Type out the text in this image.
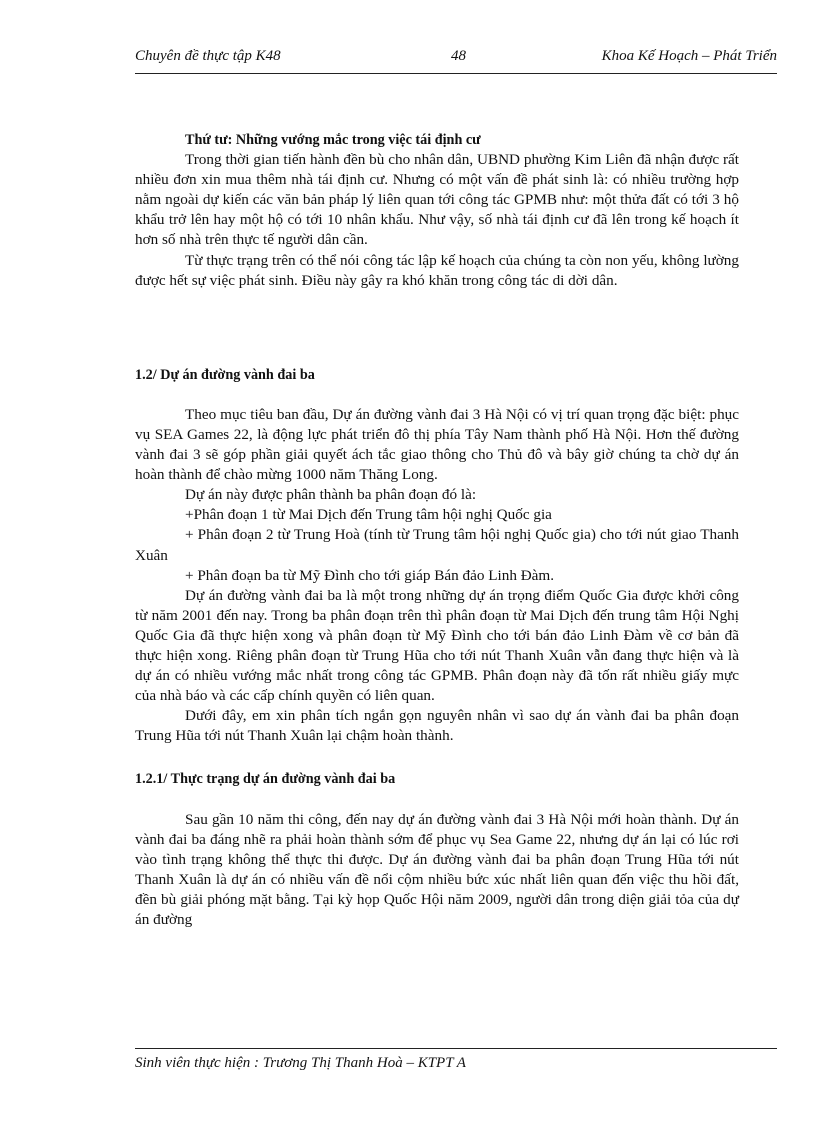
Chuyên đề thực tập K48	48	Khoa Kế Hoạch – Phát Triển

Thứ tư: Những vướng mắc trong việc tái định cư

Trong thời gian tiến hành đền bù cho nhân dân, UBND phường Kim Liên đã nhận được rất nhiều đơn xin mua thêm nhà tái định cư. Nhưng có một vấn đề phát sinh là: có nhiều trường hợp nằm ngoài dự kiến các văn bản pháp lý liên quan tới công tác GPMB như: một thửa đất có tới 3 hộ khẩu trở lên hay một hộ có tới 10 nhân khẩu. Như vậy, số nhà tái định cư đã lên trong kế hoạch ít hơn số nhà trên thực tế người dân cần.

Từ thực trạng trên có thể nói công tác lập kế hoạch của chúng ta còn non yếu, không lường được hết sự việc phát sinh. Điều này gây ra khó khăn trong công tác di dời dân.

1.2/ Dự án đường vành đai ba

Theo mục tiêu ban đầu, Dự án đường vành đai 3 Hà Nội có vị trí quan trọng đặc biệt: phục vụ SEA Games 22, là động lực phát triển đô thị phía Tây Nam thành phố Hà Nội. Hơn thế đường vành đai 3 sẽ góp phần giải quyết ách tắc giao thông cho Thủ đô và bây giờ chúng ta chờ dự án hoàn thành để chào mừng 1000 năm Thăng Long.

Dự án này được phân thành ba phân đoạn đó là:

+Phân đoạn 1 từ Mai Dịch đến Trung tâm hội nghị Quốc gia

+ Phân đoạn 2 từ Trung Hoà (tính từ Trung tâm hội nghị Quốc gia) cho tới nút giao Thanh Xuân

+ Phân đoạn ba từ Mỹ Đình cho tới giáp Bán đảo Linh Đàm.

Dự án đường vành đai ba là một trong những dự án trọng điểm Quốc Gia được khởi công từ năm 2001 đến nay. Trong ba phân đoạn trên thì phân đoạn từ Mai Dịch đến trung tâm Hội Nghị Quốc Gia đã thực hiện xong và phân đoạn từ Mỹ Đình cho tới bán đảo Linh Đàm về cơ bản đã thực hiện xong. Riêng phân đoạn từ Trung Hũa cho tới nút Thanh Xuân vẫn đang thực hiện và là dự án có nhiều vướng mắc nhất trong công tác GPMB. Phân đoạn này đã tốn rất nhiều giấy mực của nhà báo và các cấp chính quyền có liên quan.

Dưới đây, em xin phân tích ngắn gọn nguyên nhân vì sao dự án vành đai ba phân đoạn Trung Hũa tới nút Thanh Xuân lại chậm hoàn thành.

1.2.1/ Thực trạng dự án đường vành đai ba

Sau gần 10 năm thi công, đến nay dự án đường vành đai 3 Hà Nội mới hoàn thành. Dự án vành đai ba đáng nhẽ ra phải hoàn thành sớm để phục vụ Sea Game 22, nhưng dự án lại có lúc rơi vào tình trạng không thể thực thi được. Dự án đường vành đai ba phân đoạn Trung Hũa tới nút Thanh Xuân là dự án có nhiều vấn đề nổi cộm nhiều bức xúc nhất liên quan đến việc thu hồi đất, đền bù giải phóng mặt bằng. Tại kỳ họp Quốc Hội năm 2009, người dân trong diện giải tỏa của dự án đường

Sinh viên thực hiện : Trương Thị Thanh Hoà – KTPT A
